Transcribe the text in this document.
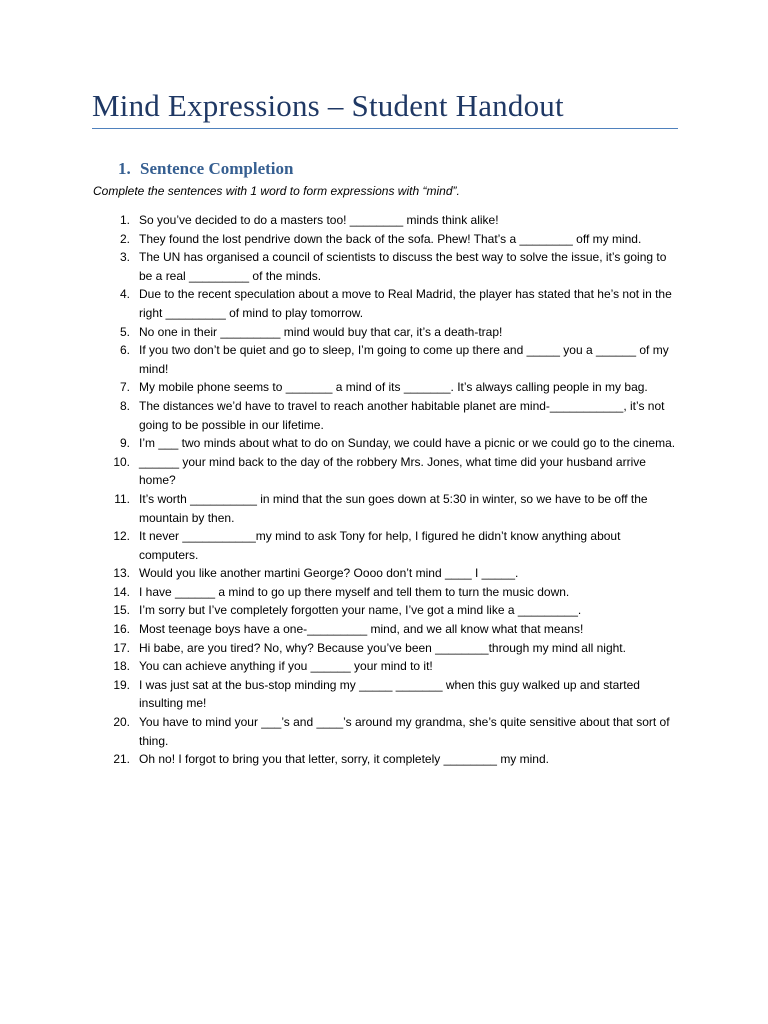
Mind Expressions – Student Handout
1. Sentence Completion

Complete the sentences with 1 word to form expressions with “mind”.

1. So you’ve decided to do a masters too! ________ minds think alike!
2. They found the lost pendrive down the back of the sofa. Phew! That’s a ________ off my mind.
3. The UN has organised a council of scientists to discuss the best way to solve the issue, it’s going to be a real _________ of the minds.
4. Due to the recent speculation about a move to Real Madrid, the player has stated that he’s not in the right _________ of mind to play tomorrow.
5. No one in their _________ mind would buy that car, it’s a death-trap!
6. If you two don’t be quiet and go to sleep, I’m going to come up there and _____ you a ______ of my mind!
7. My mobile phone seems to _______ a mind of its _______. It’s always calling people in my bag.
8. The distances we’d have to travel to reach another habitable planet are mind-___________, it’s not going to be possible in our lifetime.
9. I’m ___ two minds about what to do on Sunday, we could have a picnic or we could go to the cinema.
10. ______ your mind back to the day of the robbery Mrs. Jones, what time did your husband arrive home?
11. It’s worth __________ in mind that the sun goes down at 5:30 in winter, so we have to be off the mountain by then.
12. It never ___________my mind to ask Tony for help, I figured he didn’t know anything about computers.
13. Would you like another martini George? Oooo don’t mind ____ I _____.
14. I have ______ a mind to go up there myself and tell them to turn the music down.
15. I’m sorry but I’ve completely forgotten your name, I’ve got a mind like a _________.
16. Most teenage boys have a one-_________ mind, and we all know what that means!
17. Hi babe, are you tired? No, why? Because you’ve been ________through my mind all night.
18. You can achieve anything if you ______ your mind to it!
19. I was just sat at the bus-stop minding my _____ _______ when this guy walked up and started insulting me!
20. You have to mind your ___’s and ____’s around my grandma, she’s quite sensitive about that sort of thing.
21. Oh no! I forgot to bring you that letter, sorry, it completely ________ my mind.
